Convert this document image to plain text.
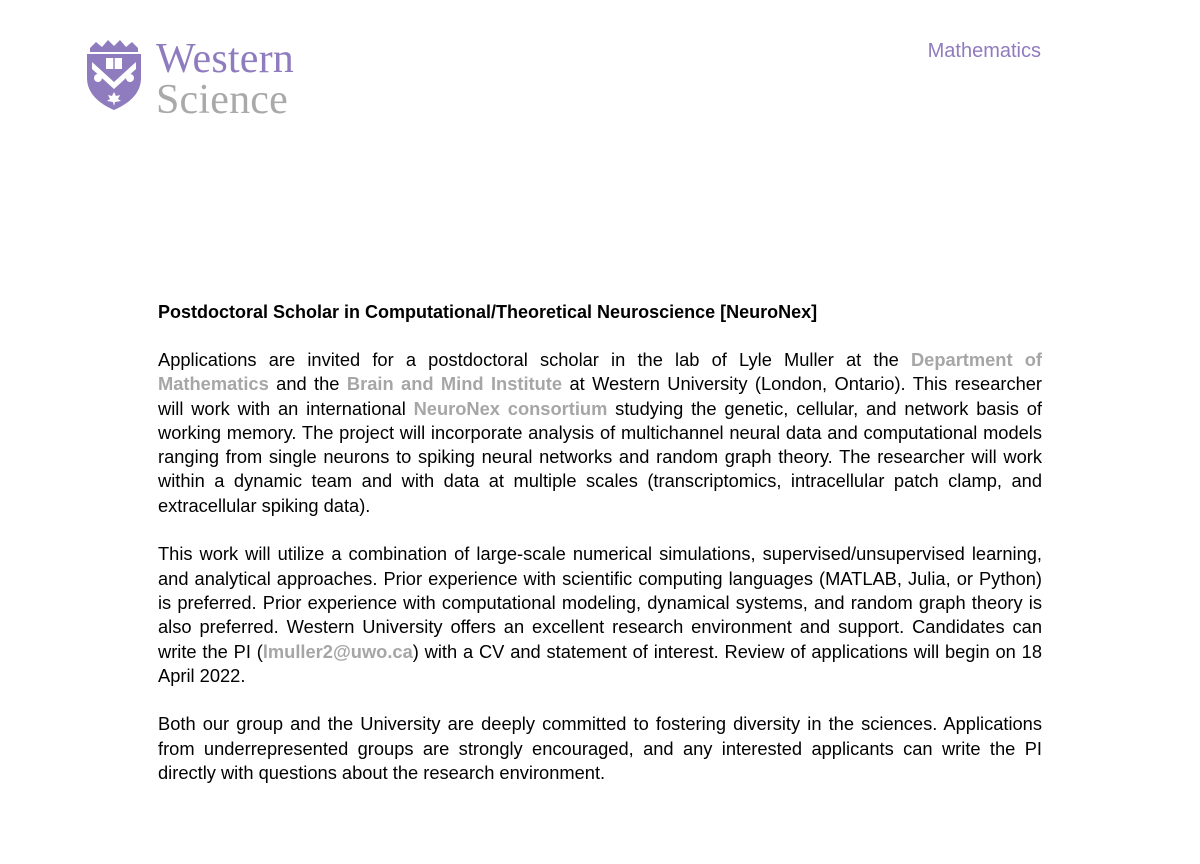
Western
Science
Mathematics
Postdoctoral Scholar in Computational/Theoretical Neuroscience [NeuroNex]

Applications are invited for a postdoctoral scholar in the lab of Lyle Muller at the Department of Mathematics and the Brain and Mind Institute at Western University (London, Ontario). This researcher will work with an international NeuroNex consortium studying the genetic, cellular, and network basis of working memory. The project will incorporate analysis of multichannel neural data and computational models ranging from single neurons to spiking neural networks and random graph theory. The researcher will work within a dynamic team and with data at multiple scales (transcriptomics, intracellular patch clamp, and extracellular spiking data).

This work will utilize a combination of large-scale numerical simulations, supervised/unsupervised learning, and analytical approaches. Prior experience with scientific computing languages (MATLAB, Julia, or Python) is preferred. Prior experience with computational modeling, dynamical systems, and random graph theory is also preferred. Western University offers an excellent research environment and support. Candidates can write the PI (lmuller2@uwo.ca) with a CV and statement of interest. Review of applications will begin on 18 April 2022.

Both our group and the University are deeply committed to fostering diversity in the sciences. Applications from underrepresented groups are strongly encouraged, and any interested applicants can write the PI directly with questions about the research environment.
